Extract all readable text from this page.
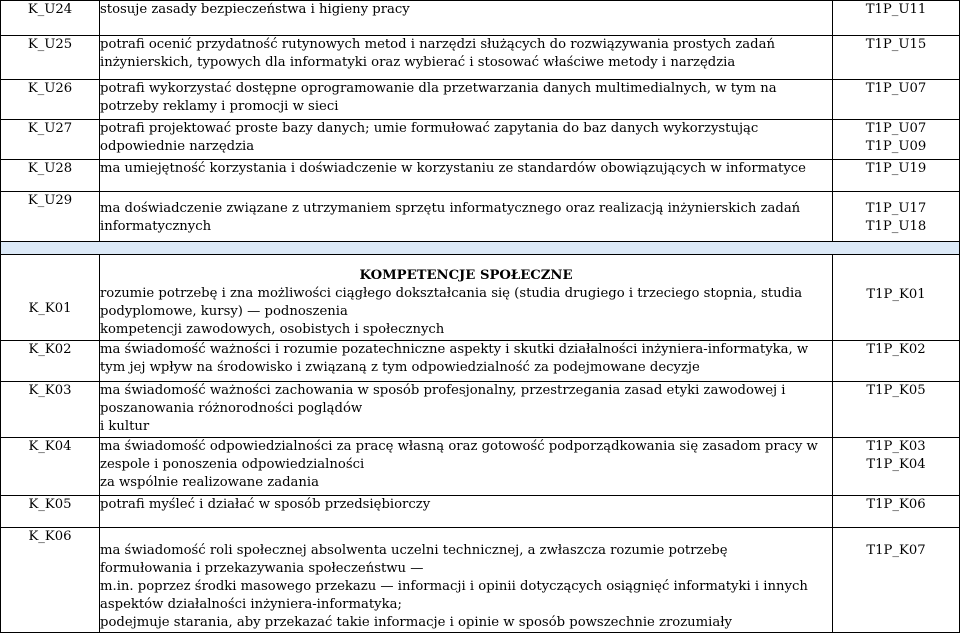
K_U24	stosuje zasady bezpieczeństwa i higieny pracy	T1P_U11

K_U25	potrafi ocenić przydatność rutynowych metod i narzędzi służących do rozwiązywania prostych zadań
inżynierskich, typowych dla informatyki oraz wybierać i stosować właściwe metody i narzędzia	T1P_U15

K_U26	potrafi wykorzystać dostępne oprogramowanie dla przetwarzania danych multimedialnych, w tym na
potrzeby reklamy i promocji w sieci	T1P_U07

K_U27	potrafi projektować proste bazy danych; umie formułować zapytania do baz danych wykorzystując
odpowiednie narzędzia	T1P_U07
T1P_U09

K_U28	ma umiejętność korzystania i doświadczenie w korzystaniu ze standardów obowiązujących w informatyce	T1P_U19

K_U29	ma doświadczenie związane z utrzymaniem sprzętu informatycznego oraz realizacją inżynierskich zadań
informatycznych	T1P_U17
T1P_U18

K_K01	KOMPETENCJE SPOŁECZNE
rozumie potrzebę i zna możliwości ciągłego dokształcania się (studia drugiego i trzeciego stopnia, studia
podyplomowe, kursy) — podnoszenia
kompetencji zawodowych, osobistych i społecznych	T1P_K01

K_K02	ma świadomość ważności i rozumie pozatechniczne aspekty i skutki działalności inżyniera-informatyka, w
tym jej wpływ na środowisko i związaną z tym odpowiedzialność za podejmowane decyzje	T1P_K02

K_K03	ma świadomość ważności zachowania w sposób profesjonalny, przestrzegania zasad etyki zawodowej i
poszanowania różnorodności poglądów
i kultur	T1P_K05

K_K04	ma świadomość odpowiedzialności za pracę własną oraz gotowość podporządkowania się zasadom pracy w
zespole i ponoszenia odpowiedzialności
za wspólnie realizowane zadania	T1P_K03
T1P_K04

K_K05	potrafi myśleć i działać w sposób przedsiębiorczy	T1P_K06

K_K06	ma świadomość roli społecznej absolwenta uczelni technicznej, a zwłaszcza rozumie potrzebę
formułowania i przekazywania społeczeństwu —
m.in. poprzez środki masowego przekazu — informacji i opinii dotyczących osiągnięć informatyki i innych
aspektów działalności inżyniera-informatyka;
podejmuje starania, aby przekazać takie informacje i opinie w sposób powszechnie zrozumiały	T1P_K07
